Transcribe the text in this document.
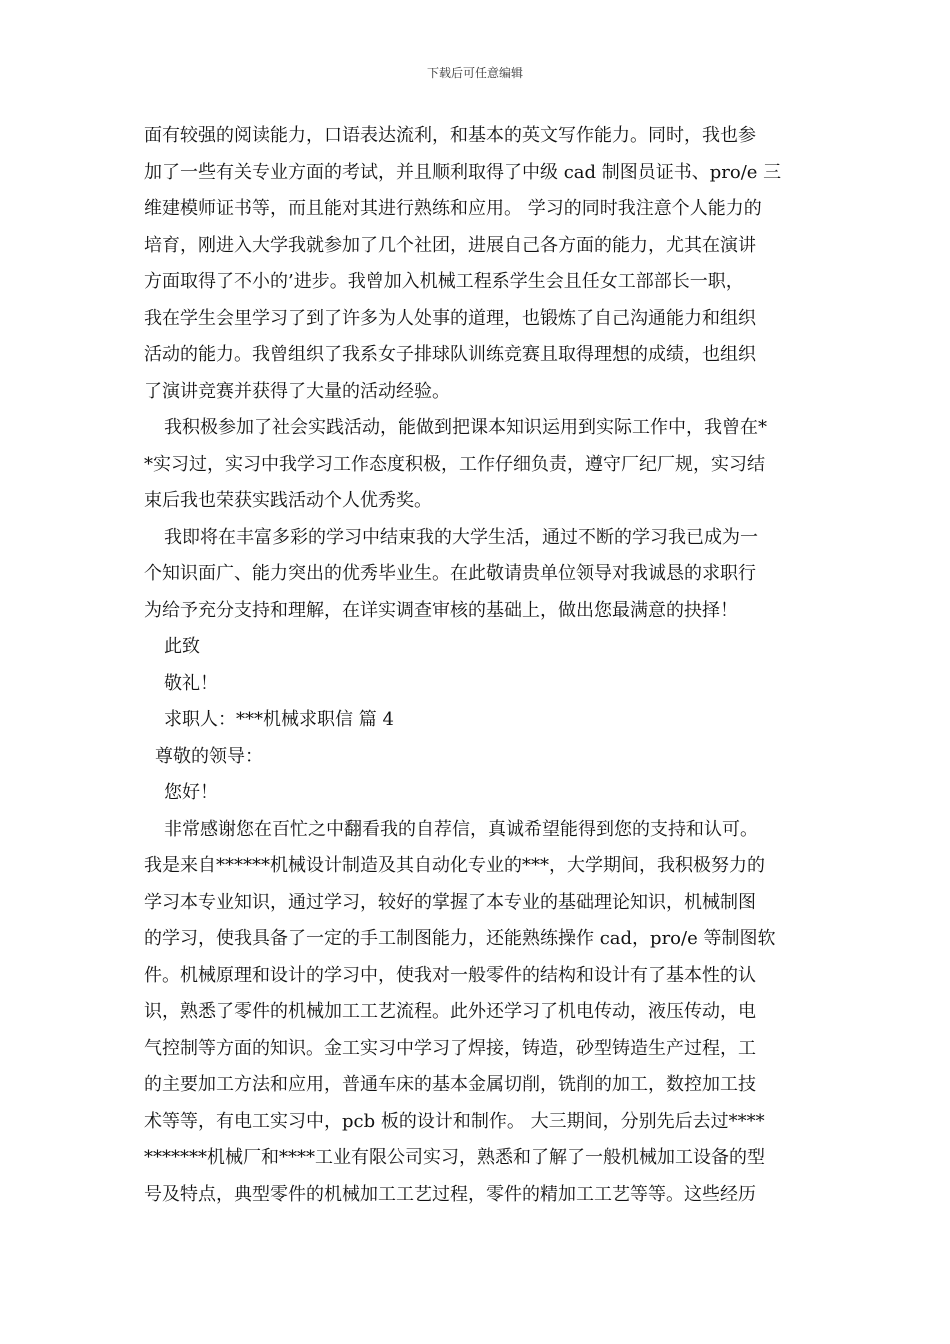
下载后可任意编辑
面有较强的阅读能力，口语表达流利，和基本的英文写作能力。同时，我也参
加了一些有关专业方面的考试，并且顺利取得了中级 cad 制图员证书、pro/e 三
维建模师证书等，而且能对其进行熟练和应用。 学习的同时我注意个人能力的
培育，刚进入大学我就参加了几个社团，进展自己各方面的能力，尤其在演讲
方面取得了不小的’进步。我曾加入机械工程系学生会且任女工部部长一职，
我在学生会里学习了到了许多为人处事的道理，也锻炼了自己沟通能力和组织
活动的能力。我曾组织了我系女子排球队训练竞赛且取得理想的成绩，也组织
了演讲竞赛并获得了大量的活动经验。
我积极参加了社会实践活动，能做到把课本知识运用到实际工作中，我曾在*
*实习过，实习中我学习工作态度积极，工作仔细负责，遵守厂纪厂规，实习结
束后我也荣获实践活动个人优秀奖。
我即将在丰富多彩的学习中结束我的大学生活，通过不断的学习我已成为一
个知识面广、能力突出的优秀毕业生。在此敬请贵单位领导对我诚恳的求职行
为给予充分支持和理解，在详实调查审核的基础上，做出您最满意的抉择！
此致
敬礼！
求职人：***机械求职信 篇 4
尊敬的领导：
您好！
非常感谢您在百忙之中翻看我的自荐信，真诚希望能得到您的支持和认可。
我是来自******机械设计制造及其自动化专业的***，大学期间，我积极努力的
学习本专业知识，通过学习，较好的掌握了本专业的基础理论知识，机械制图
的学习，使我具备了一定的手工制图能力，还能熟练操作 cad，pro/e 等制图软
件。机械原理和设计的学习中，使我对一般零件的结构和设计有了基本性的认
识，熟悉了零件的机械加工工艺流程。此外还学习了机电传动，液压传动，电
气控制等方面的知识。金工实习中学习了焊接，铸造，砂型铸造生产过程，工
的主要加工方法和应用，普通车床的基本金属切削，铣削的加工，数控加工技
术等等，有电工实习中，pcb 板的设计和制作。 大三期间，分别先后去过****
*******机械厂和****工业有限公司实习，熟悉和了解了一般机械加工设备的型
号及特点，典型零件的机械加工工艺过程，零件的精加工工艺等等。这些经历
